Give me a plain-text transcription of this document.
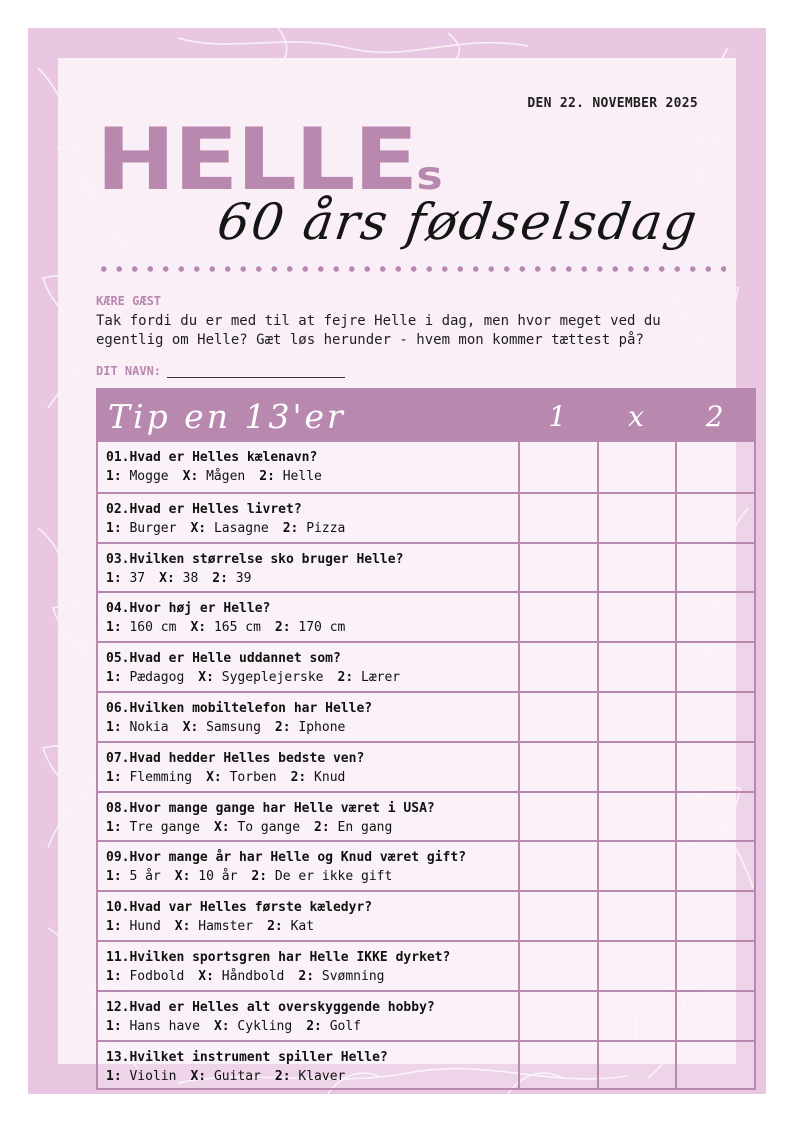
DEN 22. NOVEMBER 2025
HELLEs
60 års fødselsdag
KÆRE GÆST
Tak fordi du er med til at fejre Helle i dag, men hvor meget ved du egentlig om Helle? Gæt løs herunder - hvem mon kommer tættest på?
DIT NAVN:
Tip en 13'er	1	x	2
01.Hvad er Helles kælenavn?
1: Mogge X: Mågen 2: Helle
02.Hvad er Helles livret?
1: Burger X: Lasagne 2: Pizza
03.Hvilken størrelse sko bruger Helle?
1: 37 X: 38 2: 39
04.Hvor høj er Helle?
1: 160 cm X: 165 cm 2: 170 cm
05.Hvad er Helle uddannet som?
1: Pædagog X: Sygeplejerske 2: Lærer
06.Hvilken mobiltelefon har Helle?
1: Nokia X: Samsung 2: Iphone
07.Hvad hedder Helles bedste ven?
1: Flemming X: Torben 2: Knud
08.Hvor mange gange har Helle været i USA?
1: Tre gange X: To gange 2: En gang
09.Hvor mange år har Helle og Knud været gift?
1: 5 år X: 10 år 2: De er ikke gift
10.Hvad var Helles første kæledyr?
1: Hund X: Hamster 2: Kat
11.Hvilken sportsgren har Helle IKKE dyrket?
1: Fodbold X: Håndbold 2: Svømning
12.Hvad er Helles alt overskyggende hobby?
1: Hans have X: Cykling 2: Golf
13.Hvilket instrument spiller Helle?
1: Violin X: Guitar 2: Klaver
